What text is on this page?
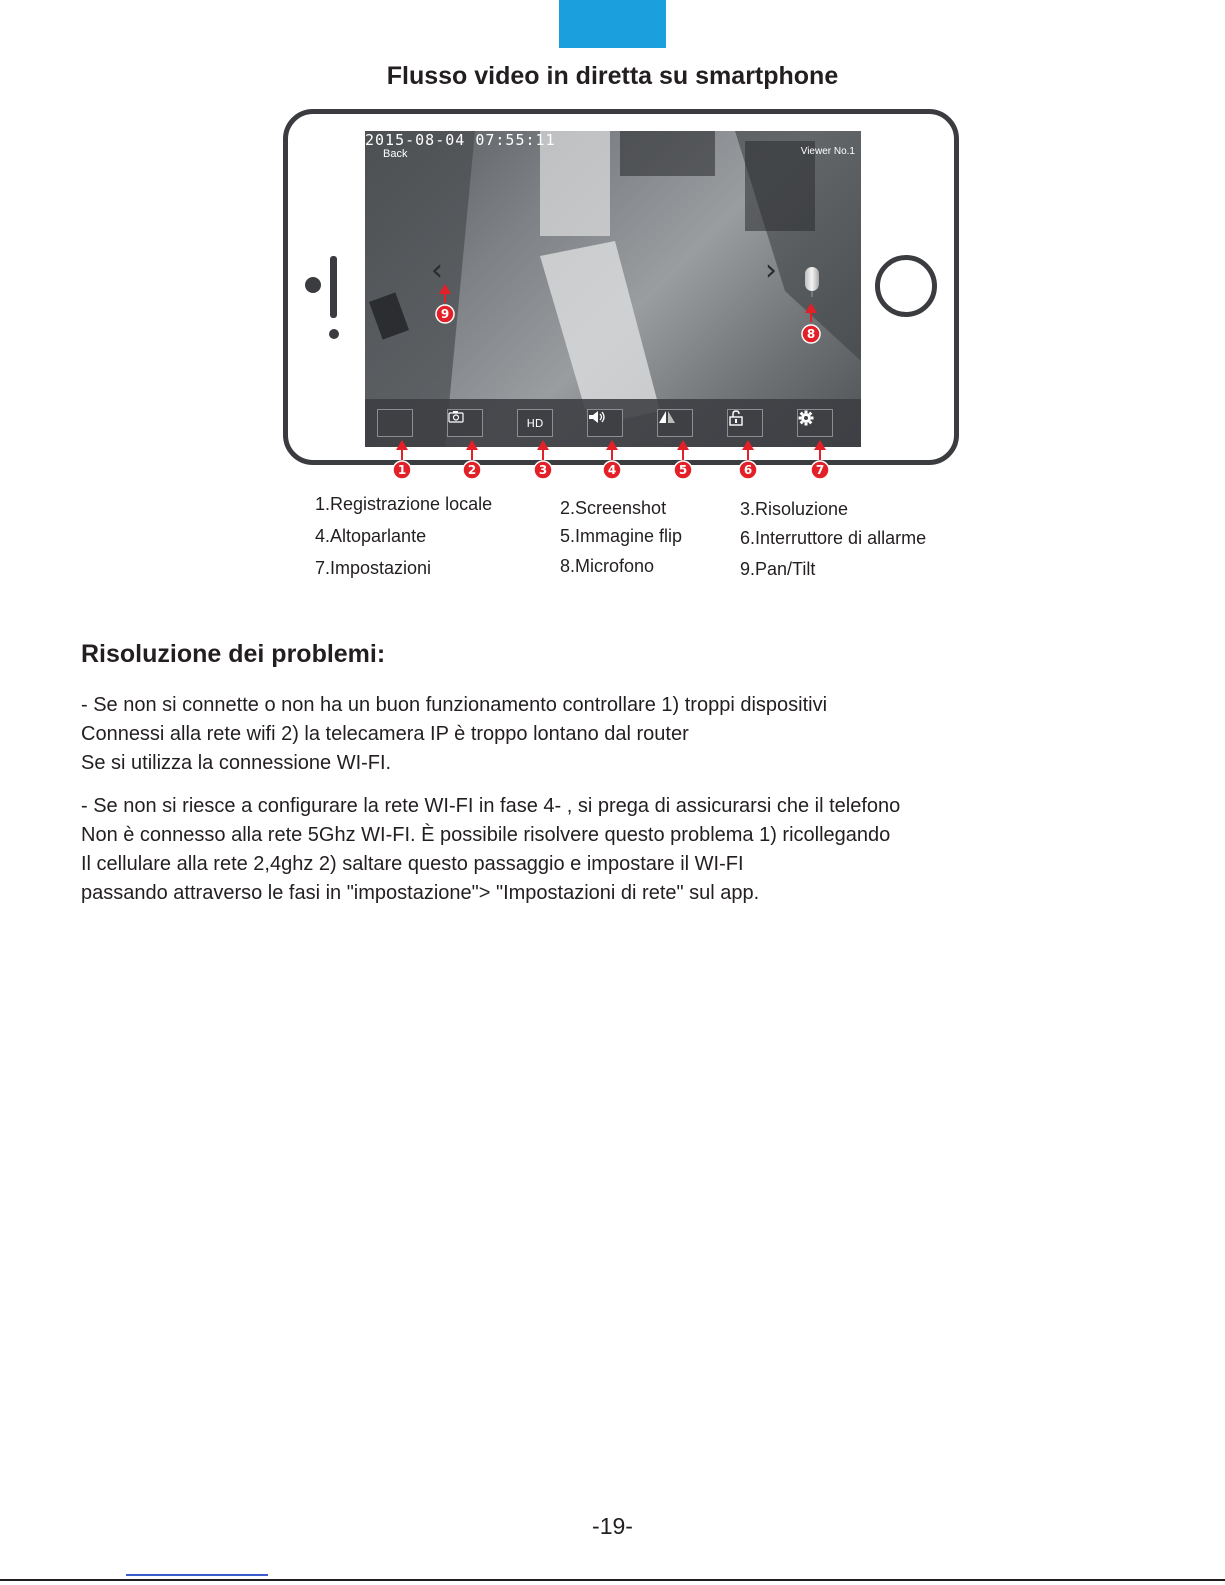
Flusso video in diretta su smartphone
2015-08-04 07:55:11
Back	Viewer No.1
‹	›
HD
1	2	3	4	5	6	7
8
9
1.Registrazione locale	2.Screenshot	3.Risoluzione
4.Altoparlante	5.Immagine flip	6.Interruttore di allarme
7.Impostazioni	8.Microfono	9.Pan/Tilt
Risoluzione dei problemi:
- Se non si connette o non ha un buon funzionamento controllare 1) troppi dispositivi
Connessi alla rete wifi 2) la telecamera IP è troppo lontano dal router
Se si utilizza la connessione WI-FI.
- Se non si riesce a configurare la rete WI-FI in fase 4- , si prega di assicurarsi che il telefono
Non è connesso alla rete 5Ghz WI-FI. È possibile risolvere questo problema 1) ricollegando
Il cellulare alla rete 2,4ghz 2) saltare questo passaggio e impostare il WI-FI
passando attraverso le fasi in "impostazione"> "Impostazioni di rete" sul app.
-19-
